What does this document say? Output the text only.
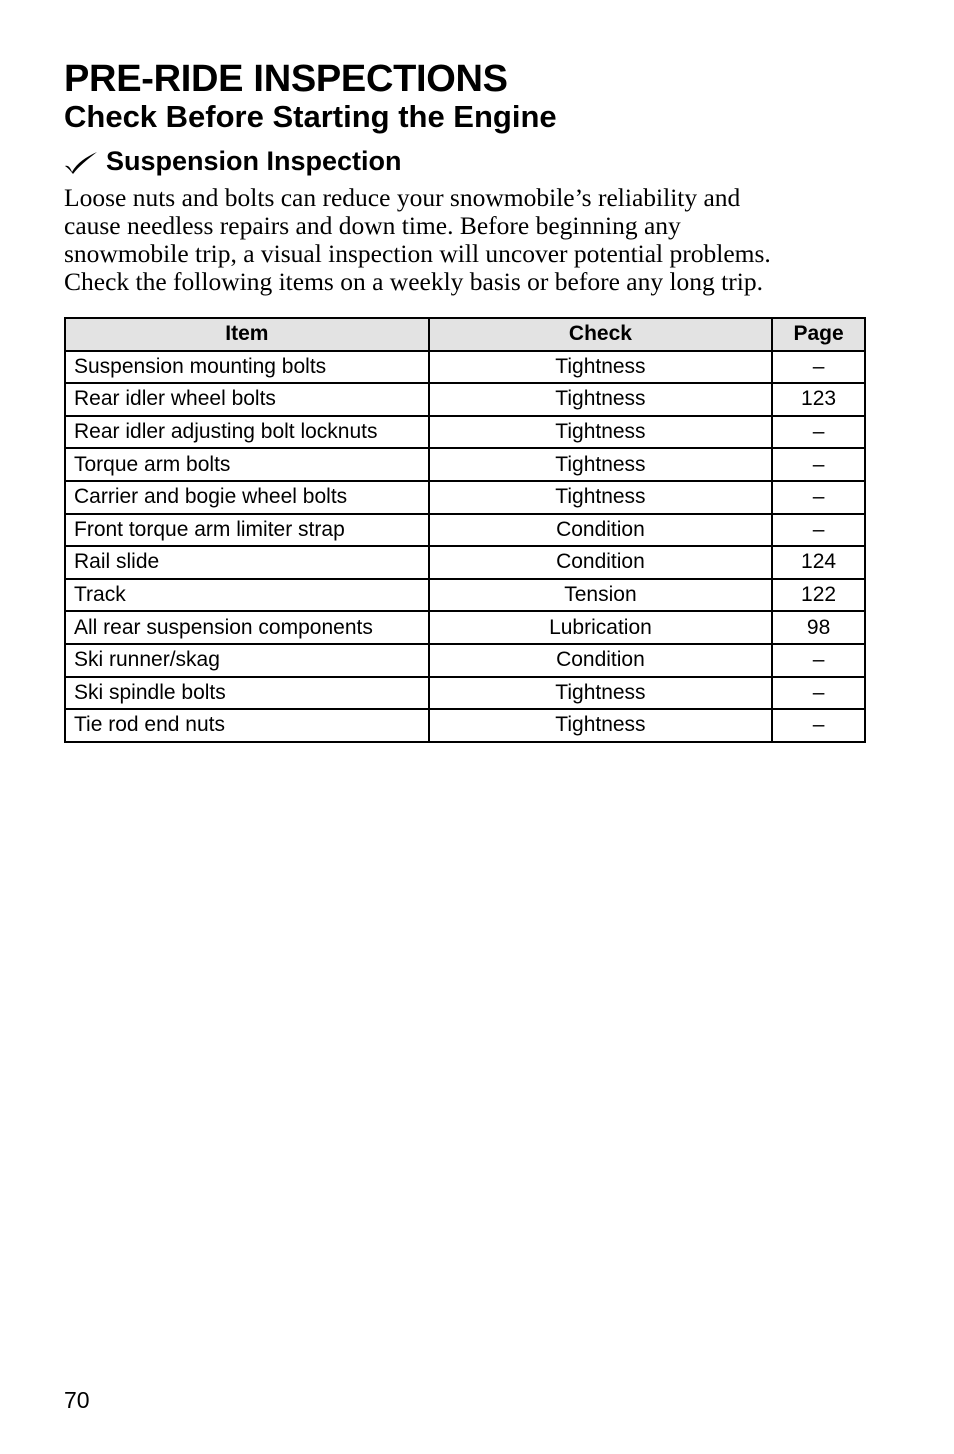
PRE-RIDE INSPECTIONS
Check Before Starting the Engine
Suspension Inspection

Loose nuts and bolts can reduce your snowmobile’s reliability and
cause needless repairs and down time. Before beginning any
snowmobile trip, a visual inspection will uncover potential problems.
Check the following items on a weekly basis or before any long trip.

Item	Check	Page
Suspension mounting bolts	Tightness	–
Rear idler wheel bolts	Tightness	123
Rear idler adjusting bolt locknuts	Tightness	–
Torque arm bolts	Tightness	–
Carrier and bogie wheel bolts	Tightness	–
Front torque arm limiter strap	Condition	–
Rail slide	Condition	124
Track	Tension	122
All rear suspension components	Lubrication	98
Ski runner/skag	Condition	–
Ski spindle bolts	Tightness	–
Tie rod end nuts	Tightness	–
70
